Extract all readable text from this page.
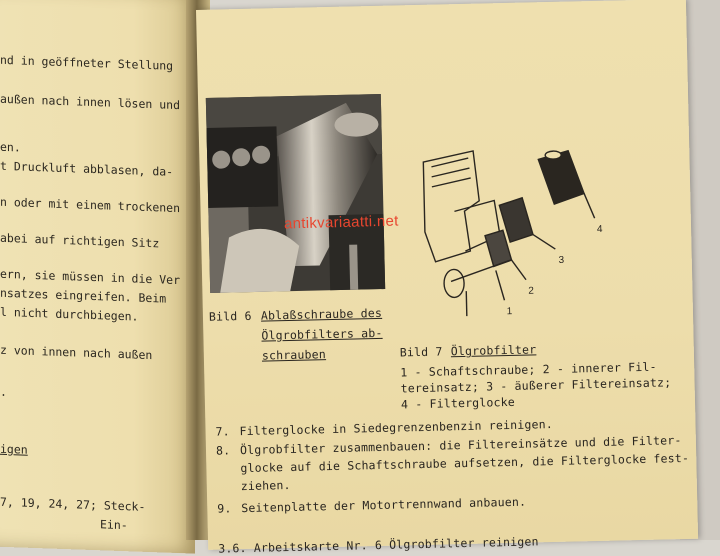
nd in geöffneter Stellung
außen nach innen lösen und
en.
t Druckluft abblasen, da-
n oder mit einem trockenen
abei auf richtigen Sitz
ern, sie müssen in die Ver
nsatzes eingreifen. Beim
l nicht durchbiegen.
z von innen nach außen
.
igen
7, 19, 24, 27; Steck-
Ein-
Bild 6 Ablaßschraube des
Ölgrobfilters ab-
schrauben	Bild 7 Ölgrobfilter
1 - Schaftschraube; 2 - innerer Fil-
tereinsatz; 3 - äußerer Filtereinsatz;
4 - Filterglocke
7. Filterglocke in Siedegrenzenbenzin reinigen.
8. Ölgrobfilter zusammenbauen: die Filtereinsätze und die Filter-
glocke auf die Schaftschraube aufsetzen, die Filterglocke fest-
ziehen.
9. Seitenplatte der Motortrennwand anbauen.
3.6. Arbeitskarte Nr. 6 Ölgrobfilter reinigen
4
3
2
1
antikvariaatti.net
